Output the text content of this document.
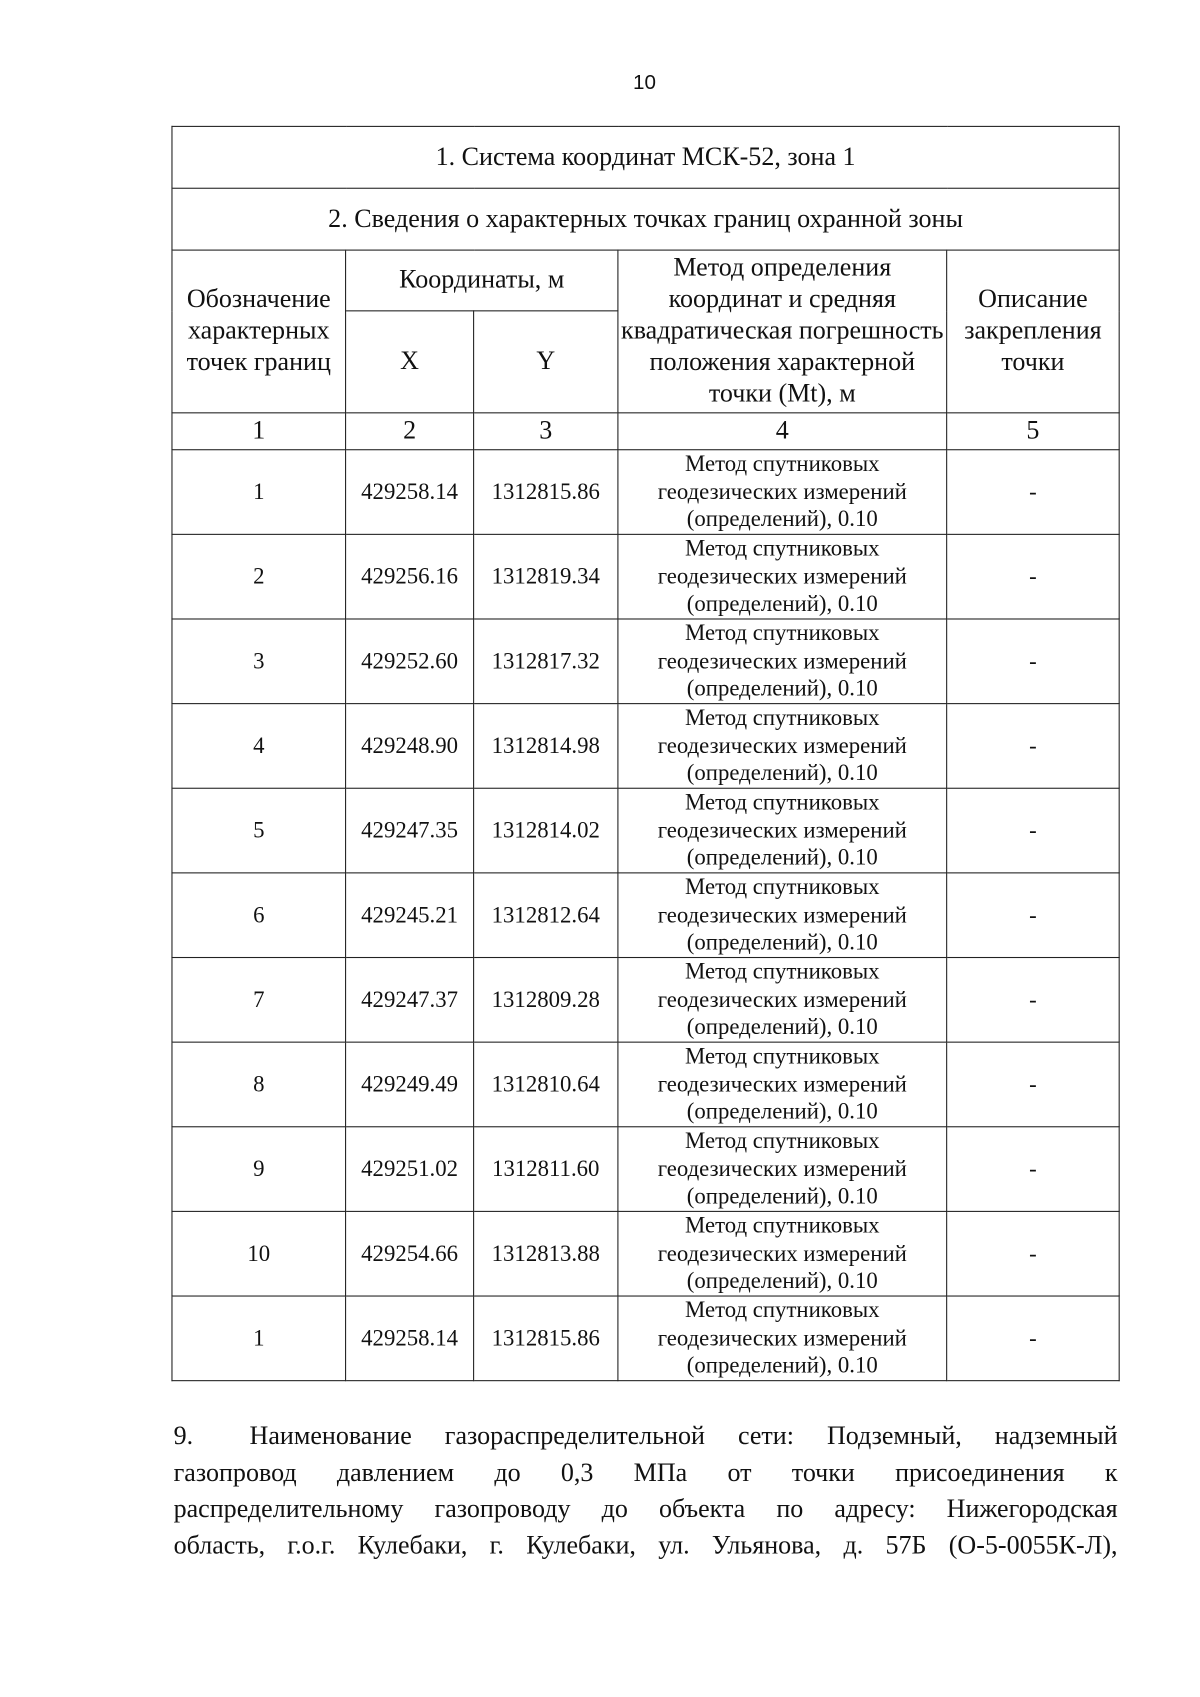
10
1. Система координат МСК-52, зона 1				
2. Сведения о характерных точках границ охранной зоны				
Обозначение характерных точек границ	Координаты, м		Метод определения координат и средняя квадратическая погрешность положения характерной точки (Mt), м	Описание закрепления точки
	X	Y		
1	2	3	4	5
1	429258.14	1312815.86	Метод спутниковых геодезических измерений (определений), 0.10	-
2	429256.16	1312819.34	Метод спутниковых геодезических измерений (определений), 0.10	-
3	429252.60	1312817.32	Метод спутниковых геодезических измерений (определений), 0.10	-
4	429248.90	1312814.98	Метод спутниковых геодезических измерений (определений), 0.10	-
5	429247.35	1312814.02	Метод спутниковых геодезических измерений (определений), 0.10	-
6	429245.21	1312812.64	Метод спутниковых геодезических измерений (определений), 0.10	-
7	429247.37	1312809.28	Метод спутниковых геодезических измерений (определений), 0.10	-
8	429249.49	1312810.64	Метод спутниковых геодезических измерений (определений), 0.10	-
9	429251.02	1312811.60	Метод спутниковых геодезических измерений (определений), 0.10	-
10	429254.66	1312813.88	Метод спутниковых геодезических измерений (определений), 0.10	-
1	429258.14	1312815.86	Метод спутниковых геодезических измерений (определений), 0.10	-
9. Наименование газораспределительной сети: Подземный, надземный
газопровод давлением до 0,3 МПа от точки присоединения к
распределительному газопроводу до объекта по адресу: Нижегородская
область, г.о.г. Кулебаки, г. Кулебаки, ул. Ульянова, д. 57Б (О-5-0055К-Л),
